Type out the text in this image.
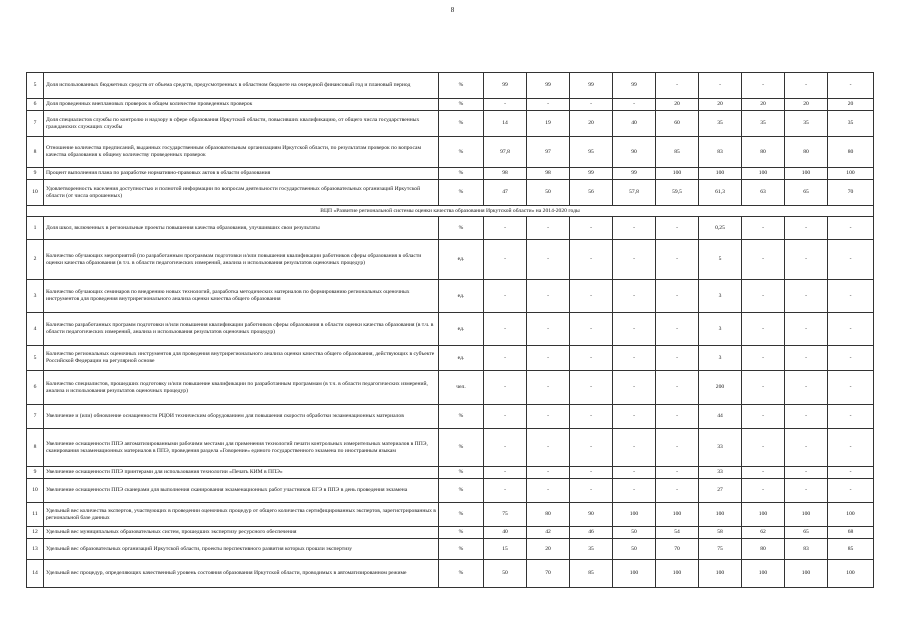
8
5	Доля использованных бюджетных средств от объема средств, предусмотренных в областном бюджете на очередной финансовый год и плановый период	%	99	99	99	99	-	-	-	-	-
6	Доля проведенных внеплановых проверок в общем количестве проведенных проверок	%	-	-	-	-	20	20	20	20	20
7	Доля специалистов службы по контролю и надзору в сфере образования Иркутской области, повысивших квалификацию, от общего числа государственных гражданских служащих службы	%	14	19	20	40	60	35	35	35	35
8	Отношение количества предписаний, выданных государственным образовательным организациям Иркутской области, по результатам проверок по вопросам качества образования к общему количеству проведенных проверок	%	97,8	97	95	90	85	83	80	80	80
9	Процент выполнения плана по разработке нормативно-правовых актов в области образования	%	98	98	99	99	100	100	100	100	100
10	Удовлетворенность населения доступностью и полнотой информации по вопросам деятельности государственных образовательных организаций Иркутской области (от числа опрошенных)	%	47	50	56	57,8	59,5	61,3	63	65	70
ВЦП «Развитие региональной системы оценки качества образования Иркутской области» на 2014-2020 годы											
1	Доля школ, включенных в региональные проекты повышения качества образования, улучшивших свои результаты	%	-	-	-	-	-	0,25	-	-	-
2	Количество обучающих мероприятий (по разработанным программам подготовки и/или повышения квалификации работников сферы образования в области оценки качества образования (в т.ч. в области педагогических измерений, анализа и использования результатов оценочных процедур)	ед.	-	-	-	-	-	5	-	-	-
3	Количество обучающих семинаров по внедрению новых технологий, разработка методических материалов по формированию региональных оценочных инструментов для проведения внутрирегионального анализа оценки качества общего образования	ед.	-	-	-	-	-	3	-	-	-
4	Количество разработанных программ подготовки и/или повышения квалификации работников сферы образования в области оценки качества образования (в т.ч. в области педагогических измерений, анализа и использования результатов оценочных процедур)	ед.	-	-	-	-	-	3	-	-	-
5	Количество региональных оценочных инструментов для проведения внутрирегионального анализа оценки качества общего образования, действующих в субъекте Российской Федерации на регулярной основе	ед.	-	-	-	-	-	3	-	-	-
6	Количество специалистов, прошедших подготовку и/или повышение квалификации по разработанным программам (в т.ч. в области педагогических измерений, анализа и использования результатов оценочных процедур)	чел.	-	-	-	-	-	200	-	-	-
7	Увеличение и (или) обновление оснащенности РЦОИ техническим оборудованием для повышения скорости обработки экзаменационных материалов	%	-	-	-	-	-	44	-	-	-
8	Увеличение оснащенности ППЭ автоматизированными рабочими местами для применения технологий печати контрольных измерительных материалов в ППЭ, сканирования экзаменационных материалов в ППЭ, проведения раздела «Говорение» единого государственного экзамена по иностранным языкам	%	-	-	-	-	-	33	-	-	-
9	Увеличение оснащенности ППЭ принтерами для использования технологии «Печать КИМ в ППЭ»	%	-	-	-	-	-	33	-	-	-
10	Увеличение оснащенности ППЭ сканерами для выполнения сканирования экзаменационных работ участников ЕГЭ в ППЭ в день проведения экзамена	%	-	-	-	-	-	27	-	-	-
11	Удельный вес количества экспертов, участвующих в проведении оценочных процедур от общего количества сертифицированных экспертов, зарегистрированных в региональной базе данных	%	75	80	90	100	100	100	100	100	100
12	Удельный вес муниципальных образовательных систем, прошедших экспертизу ресурсного обеспечения	%	40	42	46	50	54	58	62	65	68
13	Удельный вес образовательных организаций Иркутской области, проекты перспективного развития которых прошли экспертизу	%	15	20	35	50	70	75	80	83	85
14	Удельный вес процедур, определяющих качественный уровень состояния образования Иркутской области, проводимых в автоматизированном режиме	%	50	70	85	100	100	100	100	100	100
